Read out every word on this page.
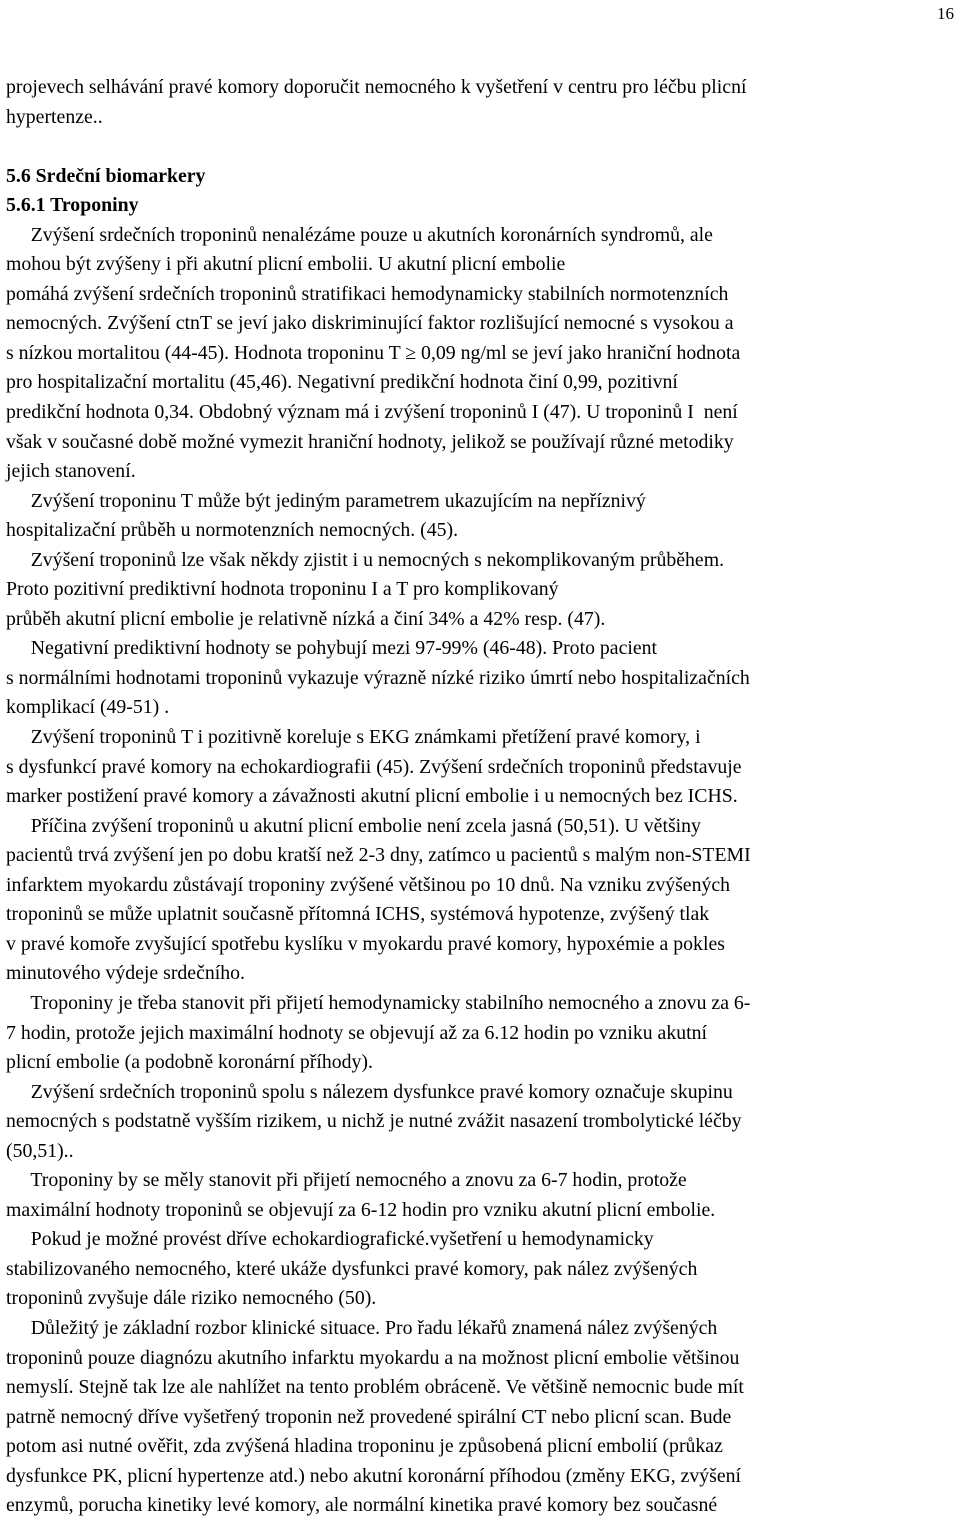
16
projevech selhávání pravé komory doporučit nemocného k vyšetření v centru pro léčbu plicní
hypertenze..

5.6 Srdeční biomarkery
5.6.1 Troponiny
Zvýšení srdečních troponinů nenalézáme pouze u akutních koronárních syndromů, ale
mohou být zvýšeny i při akutní plicní embolii. U akutní plicní embolie
pomáhá zvýšení srdečních troponinů stratifikaci hemodynamicky stabilních normotenzních
nemocných. Zvýšení ctnT se jeví jako diskriminující faktor rozlišující nemocné s vysokou a
s nízkou mortalitou (44-45). Hodnota troponinu T ≥ 0,09 ng/ml se jeví jako hraniční hodnota
pro hospitalizační mortalitu (45,46). Negativní predikční hodnota činí 0,99, pozitivní
predikční hodnota 0,34. Obdobný význam má i zvýšení troponinů I (47). U troponinů I  není
však v současné době možné vymezit hraniční hodnoty, jelikož se používají různé metodiky
jejich stanovení.
Zvýšení troponinu T může být jediným parametrem ukazujícím na nepříznivý
hospitalizační průběh u normotenzních nemocných. (45).
Zvýšení troponinů lze však někdy zjistit i u nemocných s nekomplikovaným průběhem.
Proto pozitivní prediktivní hodnota troponinu I a T pro komplikovaný
průběh akutní plicní embolie je relativně nízká a činí 34% a 42% resp. (47).
Negativní prediktivní hodnoty se pohybují mezi 97-99% (46-48). Proto pacient
s normálními hodnotami troponinů vykazuje výrazně nízké riziko úmrtí nebo hospitalizačních
komplikací (49-51) .
Zvýšení troponinů T i pozitivně koreluje s EKG známkami přetížení pravé komory, i
s dysfunkcí pravé komory na echokardiografii (45). Zvýšení srdečních troponinů představuje
marker postižení pravé komory a závažnosti akutní plicní embolie i u nemocných bez ICHS.
Příčina zvýšení troponinů u akutní plicní embolie není zcela jasná (50,51). U většiny
pacientů trvá zvýšení jen po dobu kratší než 2-3 dny, zatímco u pacientů s malým non-STEMI
infarktem myokardu zůstávají troponiny zvýšené většinou po 10 dnů. Na vzniku zvýšených
troponinů se může uplatnit současně přítomná ICHS, systémová hypotenze, zvýšený tlak
v pravé komoře zvyšující spotřebu kyslíku v myokardu pravé komory, hypoxémie a pokles
minutového výdeje srdečního.
Troponiny je třeba stanovit při přijetí hemodynamicky stabilního nemocného a znovu za 6-
7 hodin, protože jejich maximální hodnoty se objevují až za 6.12 hodin po vzniku akutní
plicní embolie (a podobně koronární příhody).
Zvýšení srdečních troponinů spolu s nálezem dysfunkce pravé komory označuje skupinu
nemocných s podstatně vyšším rizikem, u nichž je nutné zvážit nasazení trombolytické léčby
(50,51)..
Troponiny by se měly stanovit při přijetí nemocného a znovu za 6-7 hodin, protože
maximální hodnoty troponinů se objevují za 6-12 hodin pro vzniku akutní plicní embolie.
Pokud je možné provést dříve echokardiografické.vyšetření u hemodynamicky
stabilizovaného nemocného, které ukáže dysfunkci pravé komory, pak nález zvýšených
troponinů zvyšuje dále riziko nemocného (50).
Důležitý je základní rozbor klinické situace. Pro řadu lékařů znamená nález zvýšených
troponinů pouze diagnózu akutního infarktu myokardu a na možnost plicní embolie většinou
nemyslí. Stejně tak lze ale nahlížet na tento problém obráceně. Ve většině nemocnic bude mít
patrně nemocný dříve vyšetřený troponin než provedené spirální CT nebo plicní scan. Bude
potom asi nutné ověřit, zda zvýšená hladina troponinu je způsobená plicní embolií (průkaz
dysfunkce PK, plicní hypertenze atd.) nebo akutní koronární příhodou (změny EKG, zvýšení
enzymů, porucha kinetiky levé komory, ale normální kinetika pravé komory bez současné
